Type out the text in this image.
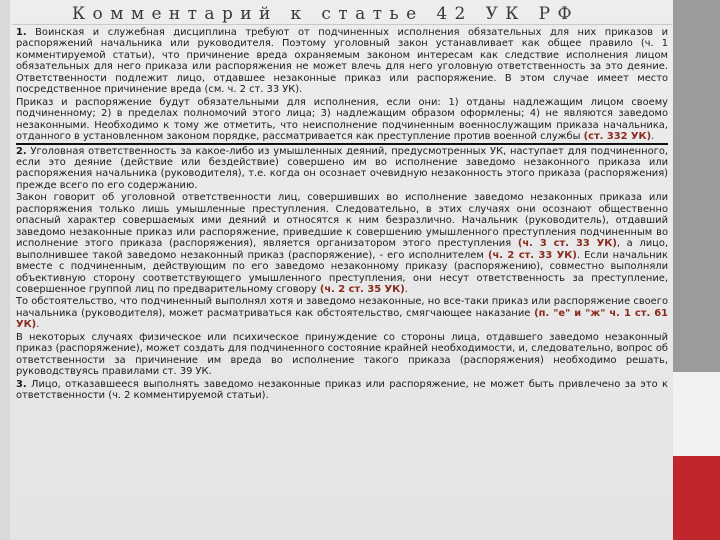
Комментарий к статье 42 УК РФ

1. Воинская и служебная дисциплина требуют от подчиненных исполнения обязательных для них приказов и распоряжений начальника или руководителя. Поэтому уголовный закон устанавливает как общее правило (ч. 1 комментируемой статьи), что причинение вреда охраняемым законом интересам как следствие исполнения лицом обязательных для него приказа или распоряжения не может влечь для него уголовную ответственность за это деяние. Ответственности подлежит лицо, отдавшее незаконные приказ или распоряжение. В этом случае имеет место посредственное причинение вреда (см. ч. 2 ст. 33 УК).

Приказ и распоряжение будут обязательными для исполнения, если они: 1) отданы надлежащим лицом своему подчиненному; 2) в пределах полномочий этого лица; 3) надлежащим образом оформлены; 4) не являются заведомо незаконными. Необходимо к тому же отметить, что неисполнение подчиненным военнослужащим приказа начальника, отданного в установленном законом порядке, рассматривается как преступление против военной службы (ст. 332 УК).

2. Уголовная ответственность за какое-либо из умышленных деяний, предусмотренных УК, наступает для подчиненного, если это деяние (действие или бездействие) совершено им во исполнение заведомо незаконного приказа или распоряжения начальника (руководителя), т.е. когда он осознает очевидную незаконность этого приказа (распоряжения) прежде всего по его содержанию.

Закон говорит об уголовной ответственности лиц, совершивших во исполнение заведомо незаконных приказа или распоряжения только лишь умышленные преступления. Следовательно, в этих случаях они осознают общественно опасный характер совершаемых ими деяний и относятся к ним безразлично. Начальник (руководитель), отдавший заведомо незаконные приказ или распоряжение, приведшие к совершению умышленного преступления подчиненным во исполнение этого приказа (распоряжения), является организатором этого преступления (ч. 3 ст. 33 УК), а лицо, выполнившее такой заведомо незаконный приказ (распоряжение), - его исполнителем (ч. 2 ст. 33 УК). Если начальник вместе с подчиненным, действующим по его заведомо незаконному приказу (распоряжению), совместно выполняли объективную сторону соответствующего умышленного преступления, они несут ответственность за преступление, совершенное группой лиц по предварительному сговору (ч. 2 ст. 35 УК).

То обстоятельство, что подчиненный выполнял хотя и заведомо незаконные, но все-таки приказ или распоряжение своего начальника (руководителя), может расматриваться как обстоятельство, смягчающее наказание (п. "е" и "ж" ч. 1 ст. 61 УК).

В некоторых случаях физическое или психическое принуждение со стороны лица, отдавшего заведомо незаконный приказ (распоряжение), может создать для подчиненного состояние крайней необходимости, и, следовательно, вопрос об ответственности за причинение им вреда во исполнение такого приказа (распоряжения) необходимо решать, руководствуясь правилами ст. 39 УК.

3. Лицо, отказавшееся выполнять заведомо незаконные приказ или распоряжение, не может быть привлечено за это к ответственности (ч. 2 комментируемой статьи).
